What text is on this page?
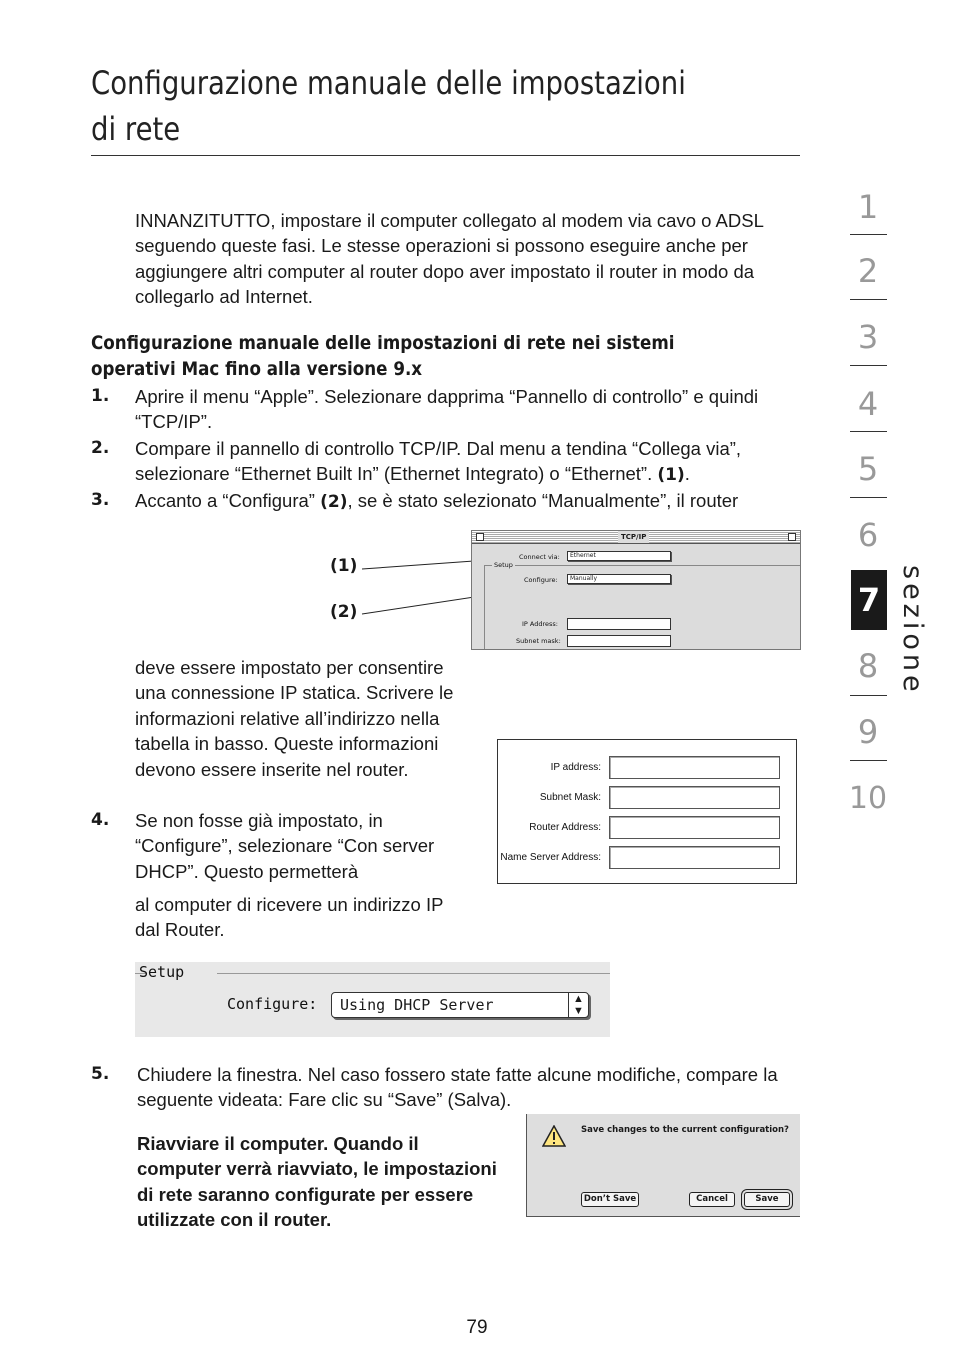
Configurazione manuale delle impostazioni di rete

INNANZITUTTO, impostare il computer collegato al modem via cavo o ADSL seguendo queste fasi. Le stesse operazioni si possono eseguire anche per aggiungere altri computer al router dopo aver impostato il router in modo da collegarlo ad Internet.

Configurazione manuale delle impostazioni di rete nei sistemi operativi Mac fino alla versione 9.x
1. Aprire il menu “Apple”. Selezionare dapprima “Pannello di controllo” e quindi “TCP/IP”.

2. Compare il pannello di controllo TCP/IP. Dal menu a tendina “Collega via”, selezionare “Ethernet Built In” (Ethernet Integrato) o “Ethernet”. (1).

3. Accanto a “Configura” (2), se è stato selezionato “Manualmente”, il router

(1)
(2)
TCP/IP
Connect via:	Ethernet
Setup
Configure:	Manually
IP Address:
Subnet mask:

deve essere impostato per consentire una connessione IP statica. Scrivere le informazioni relative all’indirizzo nella tabella in basso. Queste informazioni devono essere inserite nel router.	IP address:
Subnet Mask:
Router Address:
Name Server Address:
4. Se non fosse già impostato, in “Configure”, selezionare “Con server DHCP”. Questo permetterà

al computer di ricevere un indirizzo IP dal Router.

Setup
Configure: Using DHCP Server	▲
▼
5. Chiudere la finestra. Nel caso fossero state fatte alcune modifiche, compare la seguente videata: Fare clic su “Save” (Salva).

Riavviare il computer. Quando il computer verrà riavviato, le impostazioni di rete saranno configurate per essere utilizzate con il router.

Save changes to the current configuration?
Don’t Save	Cancel	Save
1
2
3
4
5
6
7
8
9
10
sezione
79
